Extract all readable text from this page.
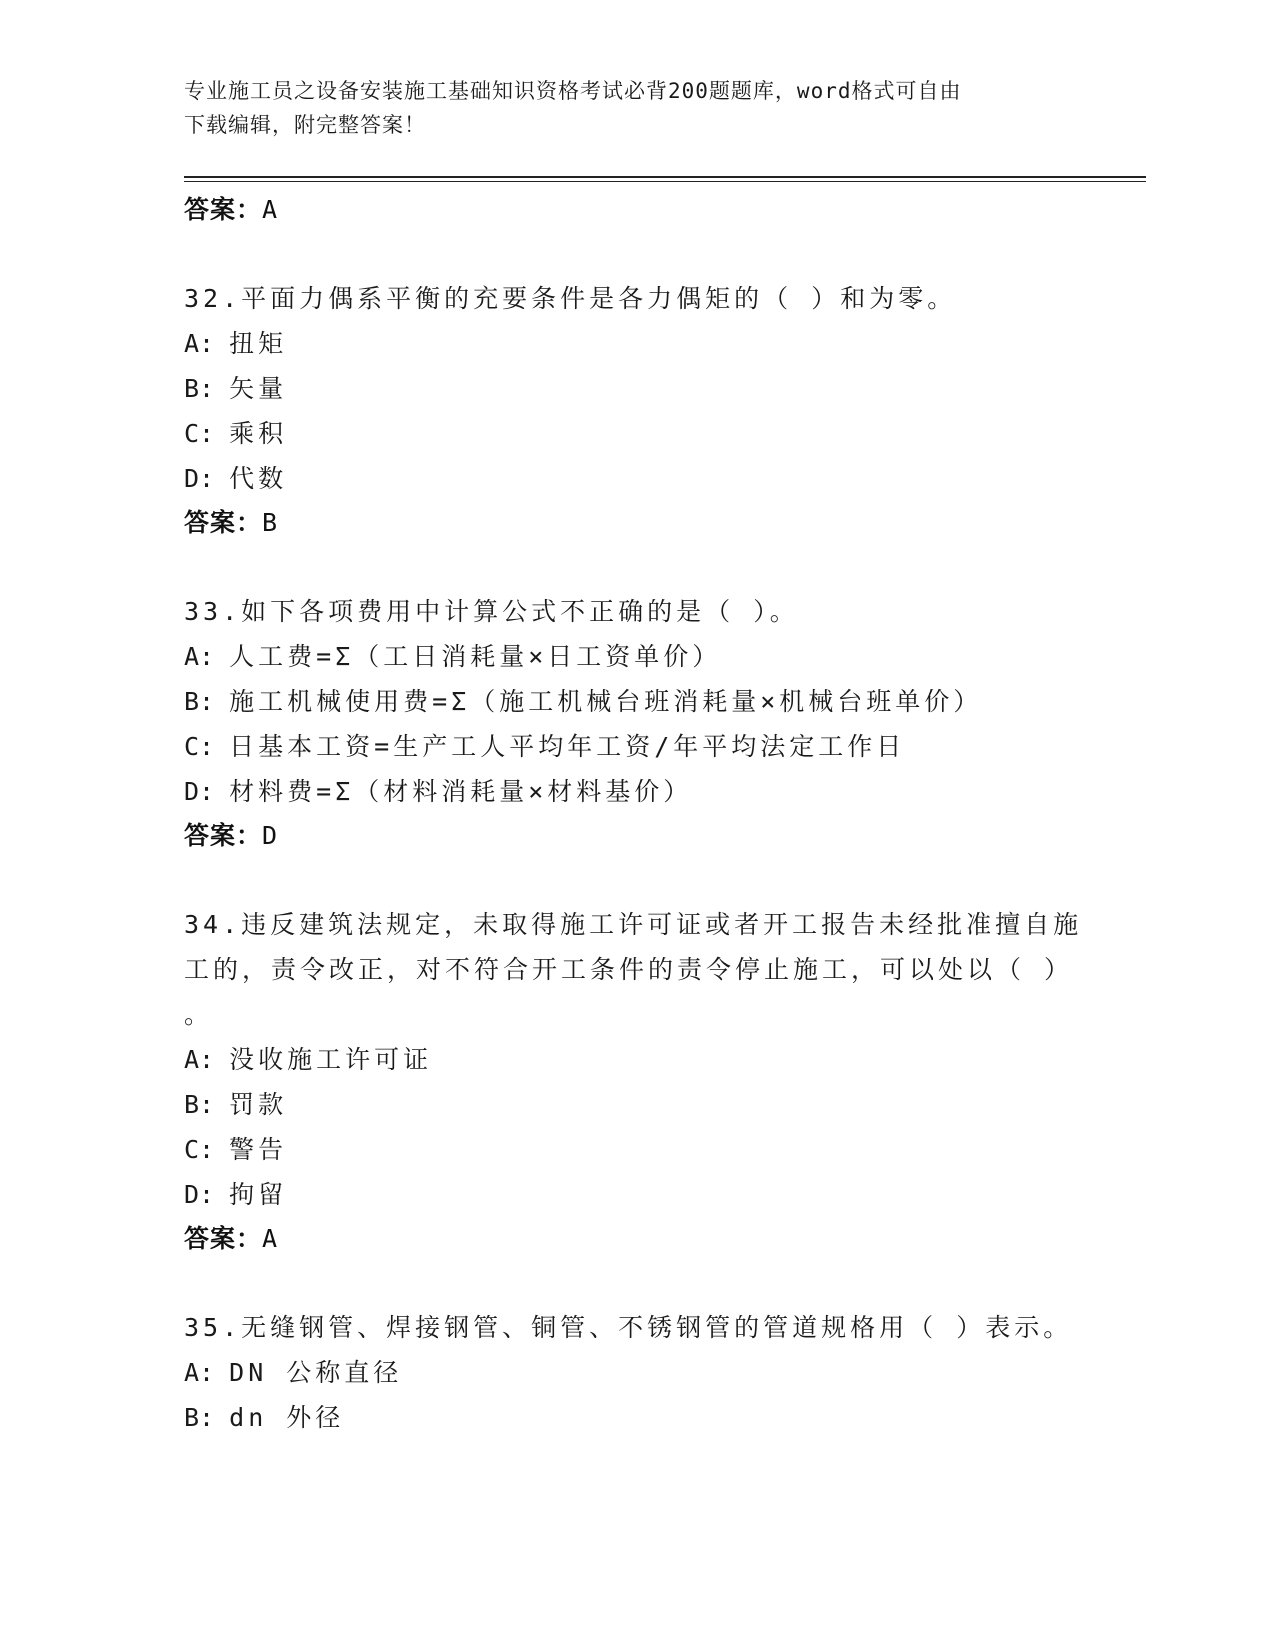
专业施工员之设备安装施工基础知识资格考试必背200题题库，word格式可自由
下载编辑，附完整答案！
答案：A
32.平面力偶系平衡的充要条件是各力偶矩的（ ）和为零。
A: 扭矩
B: 矢量
C: 乘积
D: 代数
答案：B
33.如下各项费用中计算公式不正确的是（ ）。
A: 人工费=Σ（工日消耗量×日工资单价）
B: 施工机械使用费=Σ（施工机械台班消耗量×机械台班单价）
C: 日基本工资=生产工人平均年工资/年平均法定工作日
D: 材料费=Σ（材料消耗量×材料基价）
答案：D
34.违反建筑法规定，未取得施工许可证或者开工报告未经批准擅自施
工的，责令改正，对不符合开工条件的责令停止施工，可以处以（ ）
。
A: 没收施工许可证
B: 罚款
C: 警告
D: 拘留
答案：A
35.无缝钢管、焊接钢管、铜管、不锈钢管的管道规格用（ ）表示。
A: DN 公称直径
B: dn 外径
